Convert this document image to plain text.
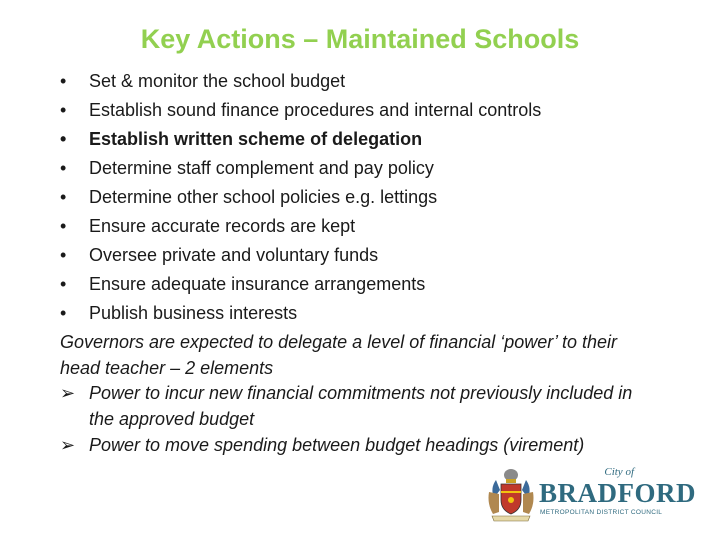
Key Actions – Maintained Schools
• Set & monitor the school budget
• Establish sound finance procedures and internal controls
• Establish written scheme of delegation
• Determine staff complement and pay policy
• Determine other school policies e.g. lettings
• Ensure accurate records are kept
• Oversee private and voluntary funds
• Ensure adequate insurance arrangements
• Publish business interests

Governors are expected to delegate a level of financial ‘power’ to their head teacher – 2 elements

➢ Power to incur new financial commitments not previously included in the approved budget
➢ Power to move spending between budget headings (virement)
City of
BRADFORD
METROPOLITAN DISTRICT COUNCIL
